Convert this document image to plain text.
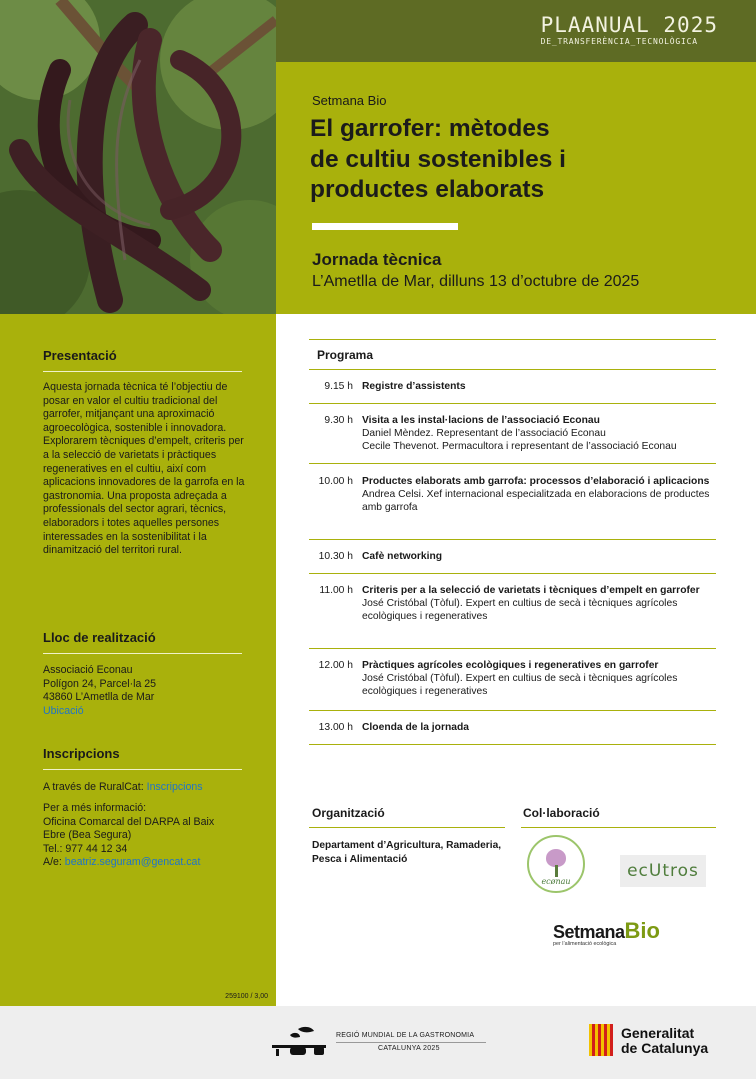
PLAANUAL 2025
DE_TRANSFERÈNCIA_TECNOLÒGICA
Setmana Bio
El garrofer: mètodes
de cultiu sostenibles i
productes elaborats
Jornada tècnica
L’Ametlla de Mar, dilluns 13 d’octubre de 2025
Presentació
Aquesta jornada tècnica té l’objectiu de posar en valor el cultiu tradicional del garrofer, mitjançant una aproximació agroecològica, sostenible i innovadora. Explorarem tècniques d’empelt, criteris per a la selecció de varietats i pràctiques regeneratives en el cultiu, així com aplicacions innovadores de la garrofa en la gastronomia. Una proposta adreçada a professionals del sector agrari, tècnics, elaboradors i totes aquelles persones interessades en la sostenibilitat i la dinamització del territori rural.
Lloc de realització
Associació Econau
Polígon 24, Parcel·la 25
43860 L’Ametlla de Mar
Ubicació
Inscripcions
A través de RuralCat: Inscripcions
Per a més informació:
Oficina Comarcal del DARPA al Baix
Ebre (Bea Segura)
Tel.: 977 44 12 34
A/e: beatriz.seguram@gencat.cat
259100 / 3,00
Programa
9.15 h Registre d’assistents
9.30 h Visita a les instal·lacions de l’associació Econau
Daniel Mèndez. Representant de l’associació Econau
Cecile Thevenot. Permacultora i representant de l’associació Econau
10.00 h Productes elaborats amb garrofa: processos d’elaboració i aplicacions
Andrea Celsi. Xef internacional especialitzada en elaboracions de productes amb garrofa
10.30 h Cafè networking
11.00 h Criteris per a la selecció de varietats i tècniques d’empelt en garrofer
José Cristóbal (Tòful). Expert en cultius de secà i tècniques agrícoles ecològiques i regeneratives
12.00 h Pràctiques agrícoles ecològiques i regeneratives en garrofer
José Cristóbal (Tòful). Expert en cultius de secà i tècniques agrícoles ecològiques i regeneratives
13.00 h Cloenda de la jornada
Organització
Departament d’Agricultura, Ramaderia, Pesca i Alimentació
Col·laboració
ecønau
ecUtros
SetmanaBio
per l’alimentació ecològica
REGIÓ MUNDIAL DE LA GASTRONOMIA
CATALUNYA 2025
Generalitat
de Catalunya
